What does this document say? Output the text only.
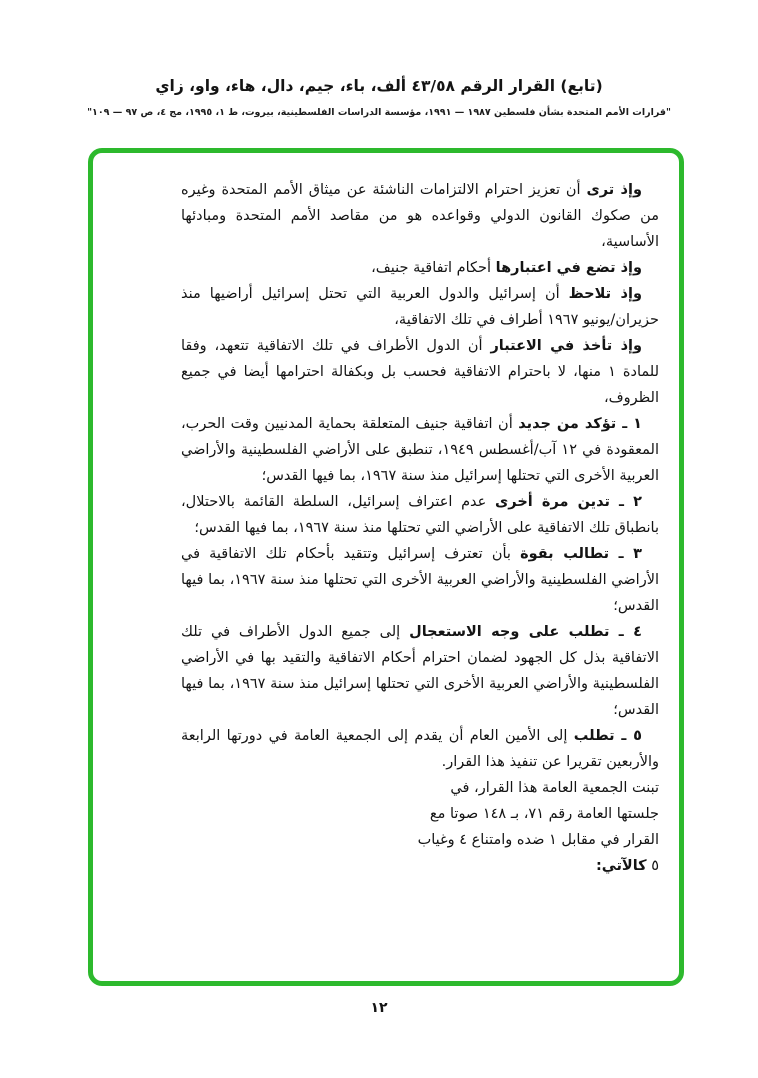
(تابع) القرار الرقم ٤٣/٥٨ ألف، باء، جيم، دال، هاء، واو، زاي
"قرارات الأمم المتحدة بشأن فلسطين ١٩٨٧ — ١٩٩١، مؤسسة الدراسات الفلسطينية، بيروت، ط ١، ١٩٩٥، مج ٤، ص ٩٧ — ١٠٩"

وإذ ترى أن تعزيز احترام الالتزامات الناشئة عن ميثاق الأمم المتحدة وغيره من صكوك القانون الدولي وقواعده هو من مقاصد الأمم المتحدة ومبادئها الأساسية،

وإذ تضع في اعتبارها أحكام اتفاقية جنيف،

وإذ تلاحظ أن إسرائيل والدول العربية التي تحتل إسرائيل أراضيها منذ حزيران/يونيو ١٩٦٧ أطراف في تلك الاتفاقية،

وإذ تأخذ في الاعتبار أن الدول الأطراف في تلك الاتفاقية تتعهد، وفقا للمادة ١ منها، لا باحترام الاتفاقية فحسب بل وبكفالة احترامها أيضا في جميع الظروف،

١ ـ تؤكد من جديد أن اتفاقية جنيف المتعلقة بحماية المدنيين وقت الحرب، المعقودة في ١٢ آب/أغسطس ١٩٤٩، تنطبق على الأراضي الفلسطينية والأراضي العربية الأخرى التي تحتلها إسرائيل منذ سنة ١٩٦٧، بما فيها القدس؛

٢ ـ تدين مرة أخرى عدم اعتراف إسرائيل، السلطة القائمة بالاحتلال، بانطباق تلك الاتفاقية على الأراضي التي تحتلها منذ سنة ١٩٦٧، بما فيها القدس؛

٣ ـ تطالب بقوة بأن تعترف إسرائيل وتتقيد بأحكام تلك الاتفاقية في الأراضي الفلسطينية والأراضي العربية الأخرى التي تحتلها منذ سنة ١٩٦٧، بما فيها القدس؛

٤ ـ تطلب على وجه الاستعجال إلى جميع الدول الأطراف في تلك الاتفاقية بذل كل الجهود لضمان احترام أحكام الاتفاقية والتقيد بها في الأراضي الفلسطينية والأراضي العربية الأخرى التي تحتلها إسرائيل منذ سنة ١٩٦٧، بما فيها القدس؛

٥ ـ تطلب إلى الأمين العام أن يقدم إلى الجمعية العامة في دورتها الرابعة والأربعين تقريرا عن تنفيذ هذا القرار.

تبنت الجمعية العامة هذا القرار، في جلستها العامة رقم ٧١، بـ ١٤٨ صوتا مع القرار في مقابل ١ ضده وامتناع ٤ وغياب ٥ كالآتي:

١٢
